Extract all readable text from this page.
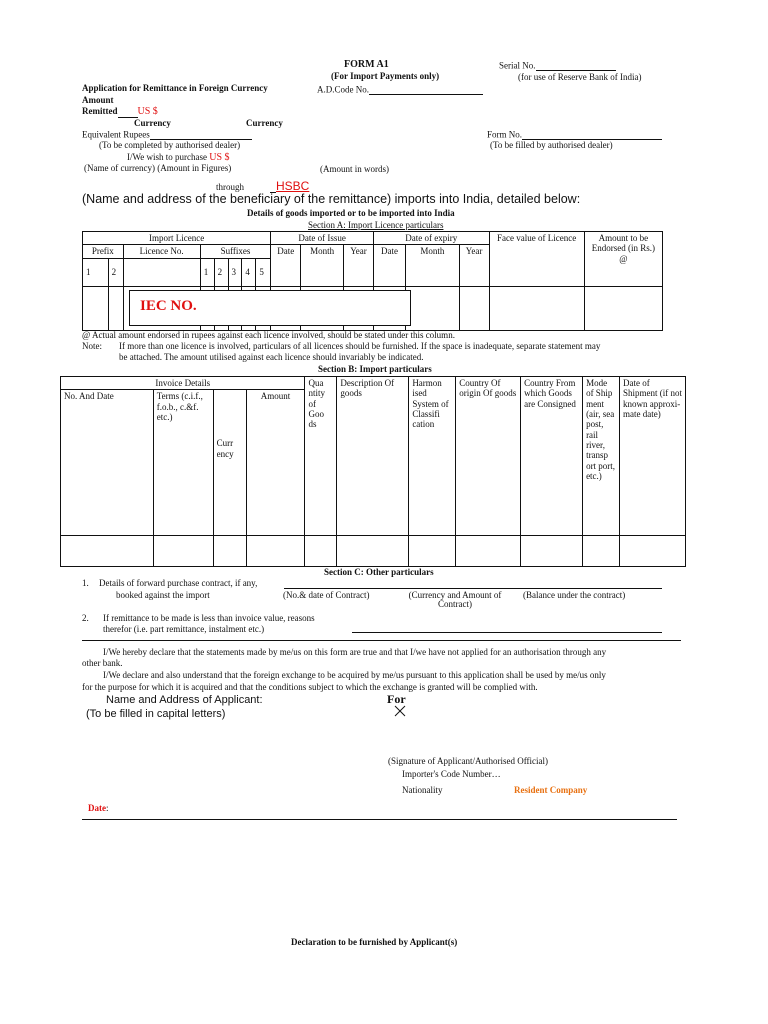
FORM A1
(For Import Payments only)
Serial No.
(for use of Reserve Bank of India)
A.D.Code No.
Application for Remittance in Foreign Currency
Amount
Remitted US $
Currency	Currency
Equivalent Rupees
(To be completed by authorised dealer)
Form No.
(To be filled by authorised dealer)
I/We wish to purchase US $
(Name of currency) (Amount in Figures)	(Amount in words)
through	HSBC
(Name and address of the beneficiary of the remittance) imports into India, detailed below:
Details of goods imported or to be imported into India
Section A: Import Licence particulars
Import Licence								Date of Issue			Date of expiry			Face value of Licence	Amount to be Endorsed (in Rs.) @
Prefix		Licence No.	Suffixes					Date	Month	Year	Date	Month	Year		
1	2		1	2	3	4	5								

IEC NO.
@ Actual amount endorsed in rupees against each licence involved, should be stated under this column.
Note: If more than one licence is involved, particulars of all licences should be furnished. If the space is inadequate, separate statement may
be attached. The amount utilised against each licence should invariably be indicated.
Section B: Import particulars
Invoice Details				Qua ntity of Goo ds	Description Of goods	Harmon ised System of Classifi cation	Country Of origin Of goods	Country From which Goods are Consigned	Mode of Ship ment (air, sea post, rail river, transp ort port, etc.)	Date of Shipment (if not known approxi- mate date)
No. And Date	Terms (c.i.f., f.o.b., c.&f. etc.)	Curr ency	Amount							

Section C: Other particulars
1. Details of forward purchase contract, if any,
booked against the import	(No.& date of Contract)	(Currency and Amount of Contract)
(Balance under the contract)
2. If remittance to be made is less than invoice value, reasons
therefor (i.e. part remittance, instalment etc.)
I/We hereby declare that the statements made by me/us on this form are true and that I/we have not applied for an authorisation through any
other bank.
I/We declare and also understand that the foreign exchange to be acquired by me/us pursuant to this application shall be used by me/us only
for the purpose for which it is acquired and that the conditions subject to which the exchange is granted will be complied with.
Name and Address of Applicant:
(To be filled in capital letters)
For
(Signature of Applicant/Authorised Official)
Importer's Code Number…
Nationality	Resident Company
Date:
Declaration to be furnished by Applicant(s)
